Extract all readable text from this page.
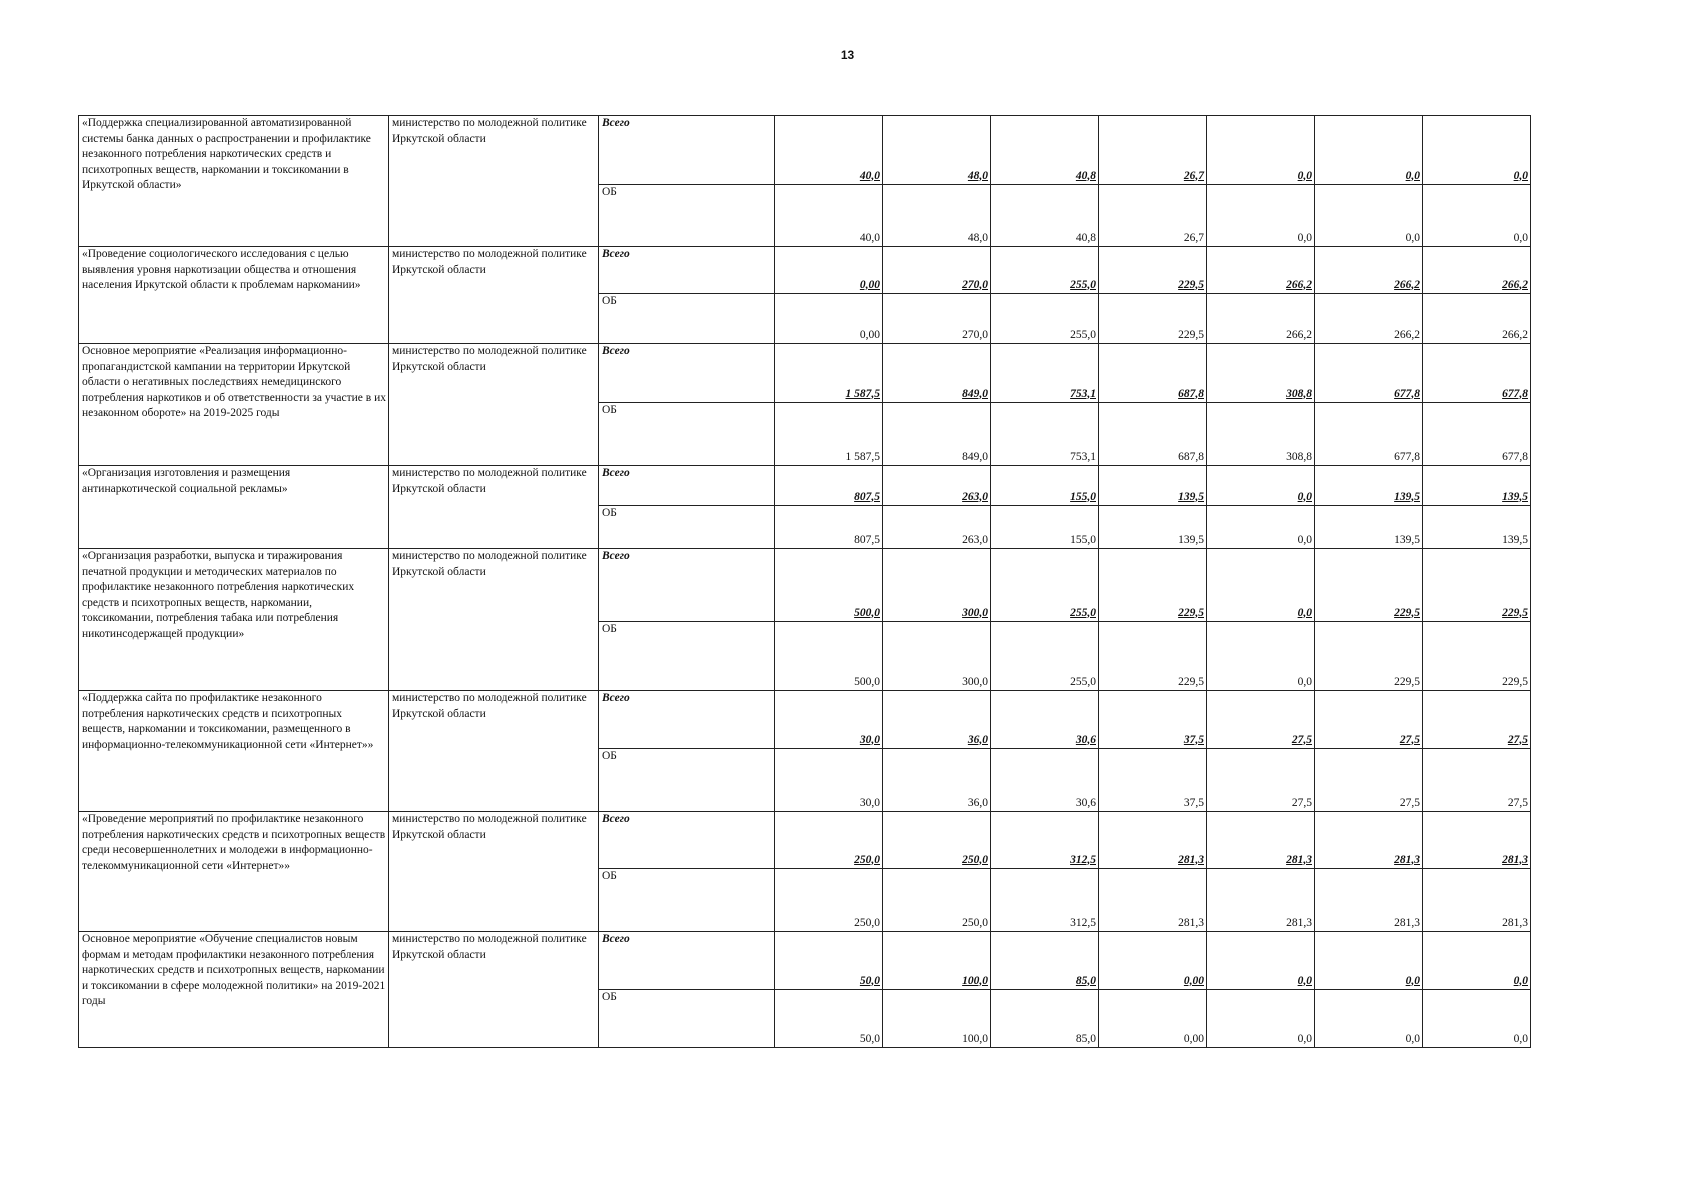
13
«Поддержка специализированной автоматизированной системы банка данных о распространении и профилактике незаконного потребления наркотических средств и психотропных веществ, наркомании и токсикомании в Иркутской области»	министерство по молодежной политике Иркутской области	Всего	40,0	48,0	40,8	26,7	0,0	0,0	0,0
		ОБ	40,0	48,0	40,8	26,7	0,0	0,0	0,0
«Проведение социологического исследования с целью выявления уровня наркотизации общества и отношения населения Иркутской области к проблемам наркомании»	министерство по молодежной политике Иркутской области	Всего	0,00	270,0	255,0	229,5	266,2	266,2	266,2
		ОБ	0,00	270,0	255,0	229,5	266,2	266,2	266,2
Основное мероприятие «Реализация информационно-пропагандистской кампании на территории Иркутской области о негативных последствиях немедицинского потребления наркотиков и об ответственности за участие в их незаконном обороте» на 2019-2025 годы	министерство по молодежной политике Иркутской области	Всего	1 587,5	849,0	753,1	687,8	308,8	677,8	677,8
		ОБ	1 587,5	849,0	753,1	687,8	308,8	677,8	677,8
«Организация изготовления и размещения антинаркотической социальной рекламы»	министерство по молодежной политике Иркутской области	Всего	807,5	263,0	155,0	139,5	0,0	139,5	139,5
		ОБ	807,5	263,0	155,0	139,5	0,0	139,5	139,5
«Организация разработки, выпуска и тиражирования печатной продукции и методических материалов по профилактике незаконного потребления наркотических средств и психотропных веществ, наркомании, токсикомании, потребления табака или потребления никотинсодержащей продукции»	министерство по молодежной политике Иркутской области	Всего	500,0	300,0	255,0	229,5	0,0	229,5	229,5
		ОБ	500,0	300,0	255,0	229,5	0,0	229,5	229,5
«Поддержка сайта по профилактике незаконного потребления наркотических средств и психотропных веществ, наркомании и токсикомании, размещенного в информационно-телекоммуникационной сети «Интернет»»	министерство по молодежной политике Иркутской области	Всего	30,0	36,0	30,6	37,5	27,5	27,5	27,5
		ОБ	30,0	36,0	30,6	37,5	27,5	27,5	27,5
«Проведение мероприятий по профилактике незаконного потребления наркотических средств и психотропных веществ среди несовершеннолетних и молодежи в информационно-телекоммуникационной сети «Интернет»»	министерство по молодежной политике Иркутской области	Всего	250,0	250,0	312,5	281,3	281,3	281,3	281,3
		ОБ	250,0	250,0	312,5	281,3	281,3	281,3	281,3
Основное мероприятие «Обучение специалистов новым формам и методам профилактики незаконного потребления наркотических средств и психотропных веществ, наркомании и токсикомании в сфере молодежной политики» на 2019-2021 годы	министерство по молодежной политике Иркутской области	Всего	50,0	100,0	85,0	0,00	0,0	0,0	0,0
		ОБ	50,0	100,0	85,0	0,00	0,0	0,0	0,0
